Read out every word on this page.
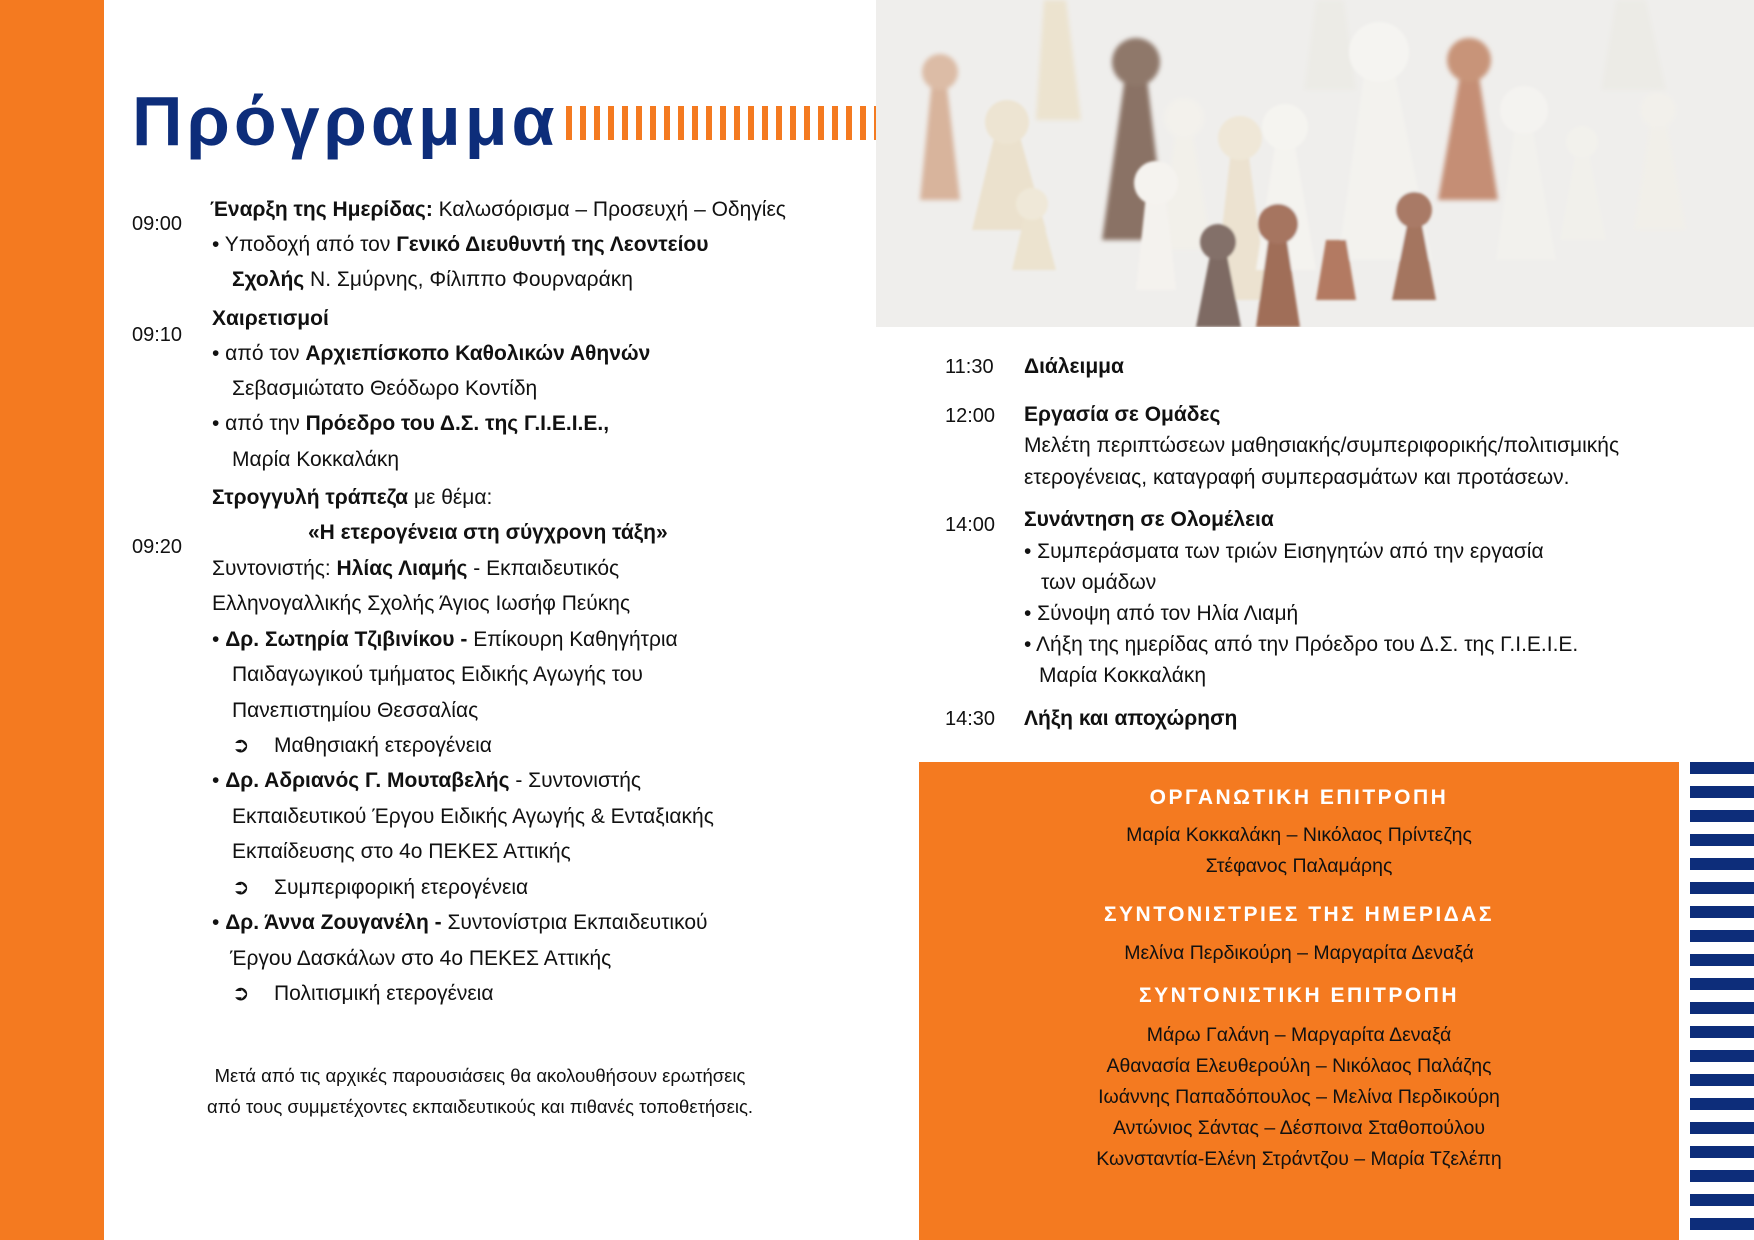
Πρόγραμμα
09:00
09:10
09:20
Έναρξη της Ημερίδας: Καλωσόρισμα – Προσευχή – Οδηγίες
• Υποδοχή από τον Γενικό Διευθυντή της Λεοντείου
Σχολής Ν. Σμύρνης, Φίλιππο Φουρναράκη
Χαιρετισμοί
• από τον Αρχιεπίσκοπο Καθολικών Αθηνών
Σεβασμιώτατο Θεόδωρο Κοντίδη
• από την Πρόεδρο του Δ.Σ. της Γ.Ι.Ε.Ι.Ε.,
Μαρία Κοκκαλάκη
Στρογγυλή τράπεζα με θέμα:
«Η ετερογένεια στη σύγχρονη τάξη»
Συντονιστής: Ηλίας Λιαμής - Εκπαιδευτικός
Ελληνογαλλικής Σχολής Άγιος Ιωσήφ Πεύκης
• Δρ. Σωτηρία Τζιβινίκου - Επίκουρη Καθηγήτρια
Παιδαγωγικού τμήματος Ειδικής Αγωγής του
Πανεπιστημίου Θεσσαλίας
➲ Μαθησιακή ετερογένεια
• Δρ. Αδριανός Γ. Μουταβελής - Συντονιστής
Εκπαιδευτικού Έργου Ειδικής Αγωγής & Ενταξιακής
Εκπαίδευσης στο 4ο ΠΕΚΕΣ Αττικής
➲ Συμπεριφορική ετερογένεια
• Δρ. Άννα Ζουγανέλη - Συντονίστρια Εκπαιδευτικού
Έργου Δασκάλων στο 4ο ΠΕΚΕΣ Αττικής
➲ Πολιτισμική ετερογένεια
Μετά από τις αρχικές παρουσιάσεις θα ακολουθήσουν ερωτήσεις
από τους συμμετέχοντες εκπαιδευτικούς και πιθανές τοποθετήσεις.
11:30
12:00
14:00
14:30
Διάλειμμα
Εργασία σε Ομάδες
Μελέτη περιπτώσεων μαθησιακής/συμπεριφορικής/πολιτισμικής
ετερογένειας, καταγραφή συμπερασμάτων και προτάσεων.
Συνάντηση σε Ολομέλεια
• Συμπεράσματα των τριών Εισηγητών από την εργασία
των ομάδων
• Σύνοψη από τον Ηλία Λιαμή
• Λήξη της ημερίδας από την Πρόεδρο του Δ.Σ. της Γ.Ι.Ε.Ι.Ε.
Μαρία Κοκκαλάκη
Λήξη και αποχώρηση
ΟΡΓΑΝΩΤΙΚΗ ΕΠΙΤΡΟΠΗ
Μαρία Κοκκαλάκη – Νικόλαος Πρίντεζης
Στέφανος Παλαμάρης
ΣΥΝΤΟΝΙΣΤΡΙΕΣ ΤΗΣ ΗΜΕΡΙΔΑΣ
Μελίνα Περδικούρη – Μαργαρίτα Δεναξά
ΣΥΝΤΟΝΙΣΤΙΚΗ ΕΠΙΤΡΟΠΗ
Μάρω Γαλάνη – Μαργαρίτα Δεναξά
Αθανασία Ελευθερούλη – Νικόλαος Παλάζης
Ιωάννης Παπαδόπουλος – Μελίνα Περδικούρη
Αντώνιος Σάντας – Δέσποινα Σταθοπούλου
Κωνσταντία-Ελένη Στράντζου – Μαρία Τζελέπη
